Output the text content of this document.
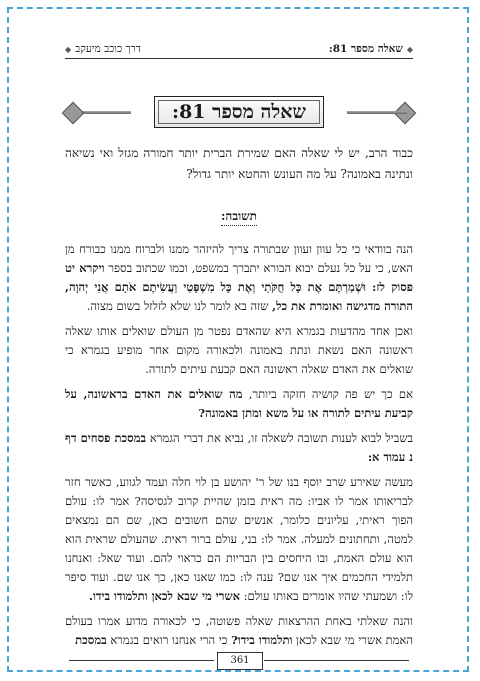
◆
שאלה מספר 81:
דרך כוכב מיעקב
◆
שאלה מספר 81:
כבוד הרב, יש לי שאלה האם שמירת הברית יותר חמורה מגזל ואי נשיאה ונתינה באמונה? על מה העונש והחטא יותר גדול?
תשובה:

הנה בוודאי כי כל עוון ועוון שבתורה צריך להיזהר ממנו ולברוח ממנו כבורח מן האש, כי על כל נעלם יבוא הבורא יתברך במשפט, וכמו שכתוב בספר ויקרא יט פסוק לז: וּשְׁמַרְתֶּם אֶת כָּל חֻקֹּתַי וְאֶת כָּל מִשְׁפָּטַי וַעֲשִׂיתֶם אֹתָם אֲנִי יְהוָה, התורה מדגישה ואומרת את כל, שזה בא לומר לנו שלא לזלזל בשום מצוה.

ואכן אחד מהדעות בגמרא היא שהאדם נפטר מן העולם שואלים אותו שאלה ראשונה האם נשאת ונתת באמונה ולכאורה מקום אחר מופיע בגמרא כי שואלים את האדם שאלה ראשונה האם קבעת עיתים לתורה.

אם כך יש פה קושיה חזקה ביותר, מה שואלים את האדם בראשונה, על קביעת עיתים לתורה או על משא ומתן באמונה?

בשביל לבוא לענות תשובה לשאלה זו, נביא את דברי הגמרא במסכת פסחים דף נ עמוד א:

מעשה שאירע שרב יוסף בנו של ר' יהושע בן לוי חלה ועמד לגווע, כאשר חזר לבריאותו אמר לו אביו: מה ראית בזמן שהיית קרוב לגסיסה? אמר לו: עולם הפוך ראיתי, עליונים כלומר, אנשים שהם חשובים כאן, שם הם נמצאים למטה, ותחתונים למעלה. אמר לו: בני, עולם ברור ראית. שהעולם שראית הוא הוא עולם האמת, ובו היחסים בין הבריות הם כראוי להם. ועוד שאל: ואנחנו תלמידי החכמים איך אנו שם? ענה לו: כמו שאנו כאן, כך אנו שם. ועוד סיפר לו: ושמעתי שהיו אומרים באותו עולם: אשרי מי שבא לכאן ותלמודו בידו.

והנה שאלתי באחת ההרצאות שאלה פשוטה, כי לכאורה מדוע אמרו בעולם האמת אשרי מי שבא לכאן ותלמודו בידו? כי הרי אנחנו רואים בגמרא במסכת

361
